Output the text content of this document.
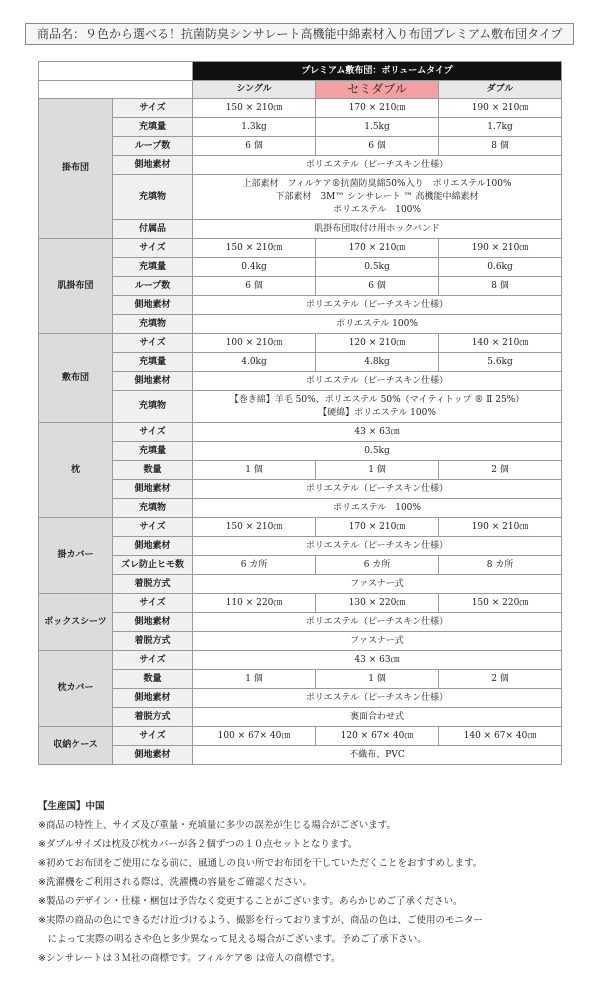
商品名：９色から選べる！抗菌防臭シンサレート高機能中綿素材入り布団プレミアム敷布団タイプ
		プレミアム敷布団：ボリュームタイプ		
		シングル	セミダブル	ダブル
掛布団	サイズ	150 × 210㎝	170 × 210㎝	190 × 210㎝
	充填量	1.3kg	1.5kg	1.7kg
	ループ数	6 個	6 個	8 個
	側地素材	ポリエステル（ピーチスキン仕様）		
	充填物	上部素材　フィルケア®抗菌防臭綿50%入り　ポリエステル100%
下部素材　3M™ シンサレート ™ 高機能中綿素材
ポリエステル　100%		

	付属品	肌掛布団取付け用ホックバンド		
肌掛布団	サイズ	150 × 210㎝	170 × 210㎝	190 × 210㎝
	充填量	0.4kg	0.5kg	0.6kg
	ループ数	6 個	6 個	8 個
	側地素材	ポリエステル（ピーチスキン仕様）		
	充填物	ポリエステル 100%		
敷布団	サイズ	100 × 210㎝	120 × 210㎝	140 × 210㎝
	充填量	4.0kg	4.8kg	5.6kg
	側地素材	ポリエステル（ピーチスキン仕様）		
	充填物	【巻き綿】羊毛 50%、ポリエステル 50%（マイティトップ ® Ⅱ 25%）
【硬綿】ポリエステル 100%		

枕	サイズ	43 × 63㎝		
	充填量	0.5kg		
	数量	1 個	1 個	2 個
	側地素材	ポリエステル（ピーチスキン仕様）		
	充填物	ポリエステル　100%		
掛カバー	サイズ	150 × 210㎝	170 × 210㎝	190 × 210㎝
	側地素材	ポリエステル（ピーチスキン仕様）		
	ズレ防止ヒモ数	6 カ所	6 カ所	8 カ所
	着脱方式	ファスナー式		
ボックスシーツ	サイズ	110 × 220㎝	130 × 220㎝	150 × 220㎝
	側地素材	ポリエステル（ピーチスキン仕様）		
	着脱方式	ファスナー式		
枕カバー	サイズ	43 × 63㎝		
	数量	1 個	1 個	2 個
	側地素材	ポリエステル（ピーチスキン仕様）		
	着脱方式	裏面合わせ式		
収納ケース	サイズ	100 × 67× 40㎝	120 × 67× 40㎝	140 × 67× 40㎝
	側地素材	不織布、PVC		
【生産国】中国
※商品の特性上、サイズ及び重量・充填量に多少の誤差が生じる場合がございます。
※ダブルサイズは枕及び枕カバーが各２個ずつの１０点セットとなります。
※初めてお布団をご使用になる前に、風通しの良い所でお布団を干していただくことをおすすめします。
※洗濯機をご利用される際は、洗濯機の容量をご確認ください。
※製品のデザイン・仕様・梱包は予告なく変更することがございます。あらかじめご了承ください。
※実際の商品の色にできるだけ近づけるよう、撮影を行っておりますが、商品の色は、ご使用のモニター
　によって実際の明るさや色と多少異なって見える場合がございます。予めご了承下さい。
※シンサレートは３Ｍ社の商標です。フィルケア® は帝人の商標です。
